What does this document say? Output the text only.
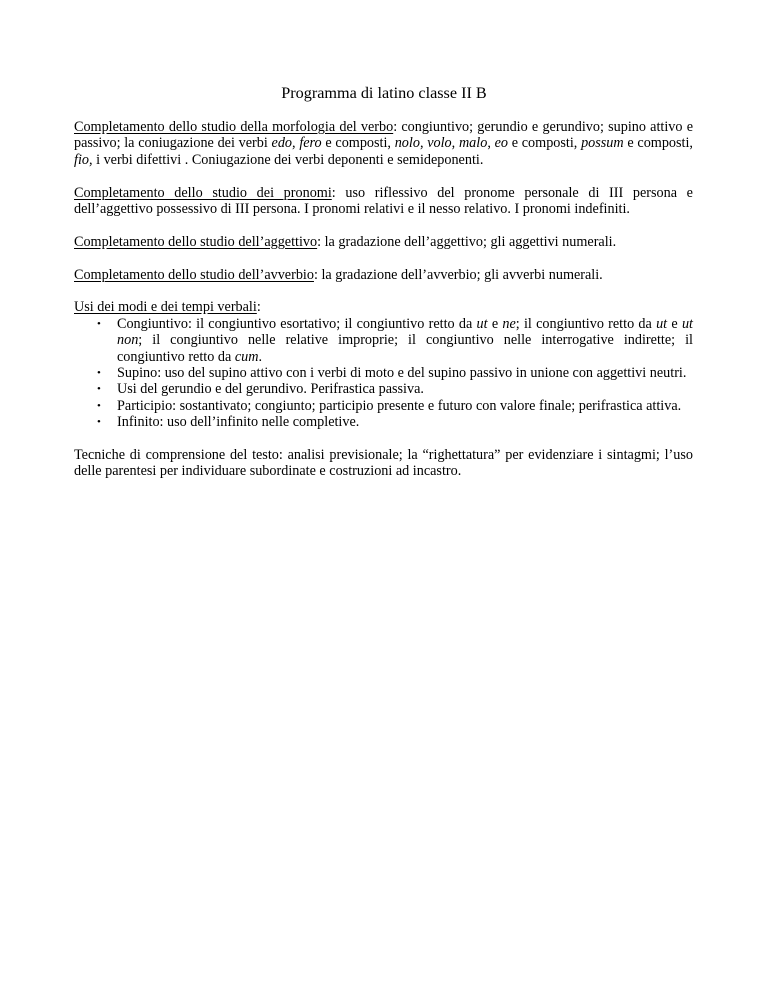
Programma di latino classe II B

Completamento dello studio della morfologia del verbo: congiuntivo; gerundio e gerundivo; supino attivo e passivo; la coniugazione dei verbi edo, fero e composti, nolo, volo, malo, eo e composti, possum e composti, fio, i verbi difettivi . Coniugazione dei verbi deponenti e semideponenti.

Completamento dello studio dei pronomi: uso riflessivo del pronome personale di III persona e dell’aggettivo possessivo di III persona. I pronomi relativi e il nesso relativo. I pronomi indefiniti.

Completamento dello studio dell’aggettivo: la gradazione dell’aggettivo; gli aggettivi numerali.

Completamento dello studio dell’avverbio: la gradazione dell’avverbio; gli avverbi numerali.

Usi dei modi e dei tempi verbali:

• Congiuntivo: il congiuntivo esortativo; il congiuntivo retto da ut e ne; il congiuntivo retto da ut e ut non; il congiuntivo nelle relative improprie; il congiuntivo nelle interrogative indirette; il congiuntivo retto da cum.
• Supino: uso del supino attivo con i verbi di moto e del supino passivo in unione con aggettivi neutri.
• Usi del gerundio e del gerundivo. Perifrastica passiva.
• Participio: sostantivato; congiunto; participio presente e futuro con valore finale; perifrastica attiva.
• Infinito: uso dell’infinito nelle completive.

Tecniche di comprensione del testo: analisi previsionale; la “righettatura” per evidenziare i sintagmi; l’uso delle parentesi per individuare subordinate e costruzioni ad incastro.
